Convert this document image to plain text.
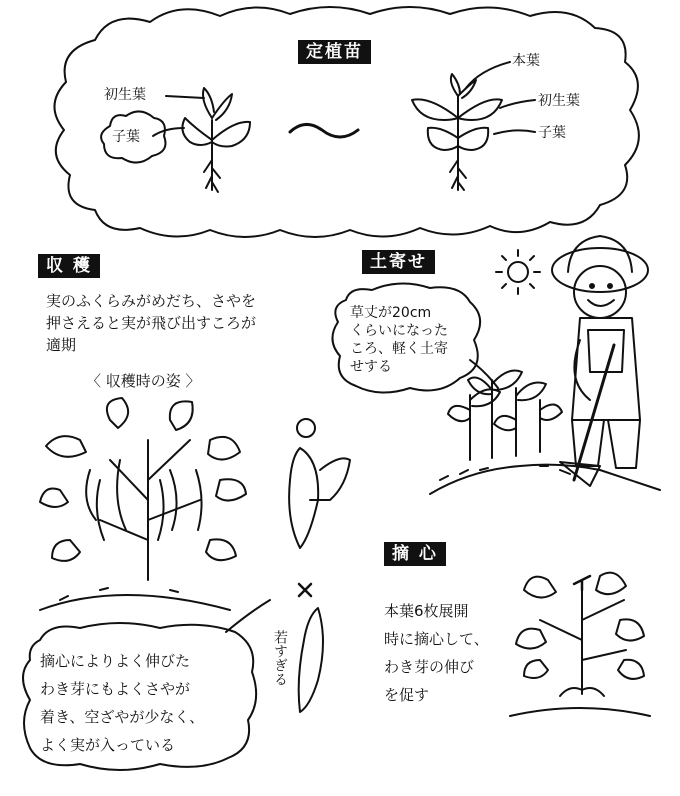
定植苗
初生葉
子葉
本葉
初生葉
子葉
収 穫
実のふくらみがめだち、さやを
押さえると実が飛び出すころが
適期
〈 収穫時の姿 〉
若すぎる
土寄せ
草丈が20cm
くらいになった
ころ、軽く土寄
せする
摘 心
本葉6枚展開
時に摘心して、
わき芽の伸び
を促す
摘心によりよく伸びた
わき芽にもよくさやが
着き、空ざやが少なく、
よく実が入っている
